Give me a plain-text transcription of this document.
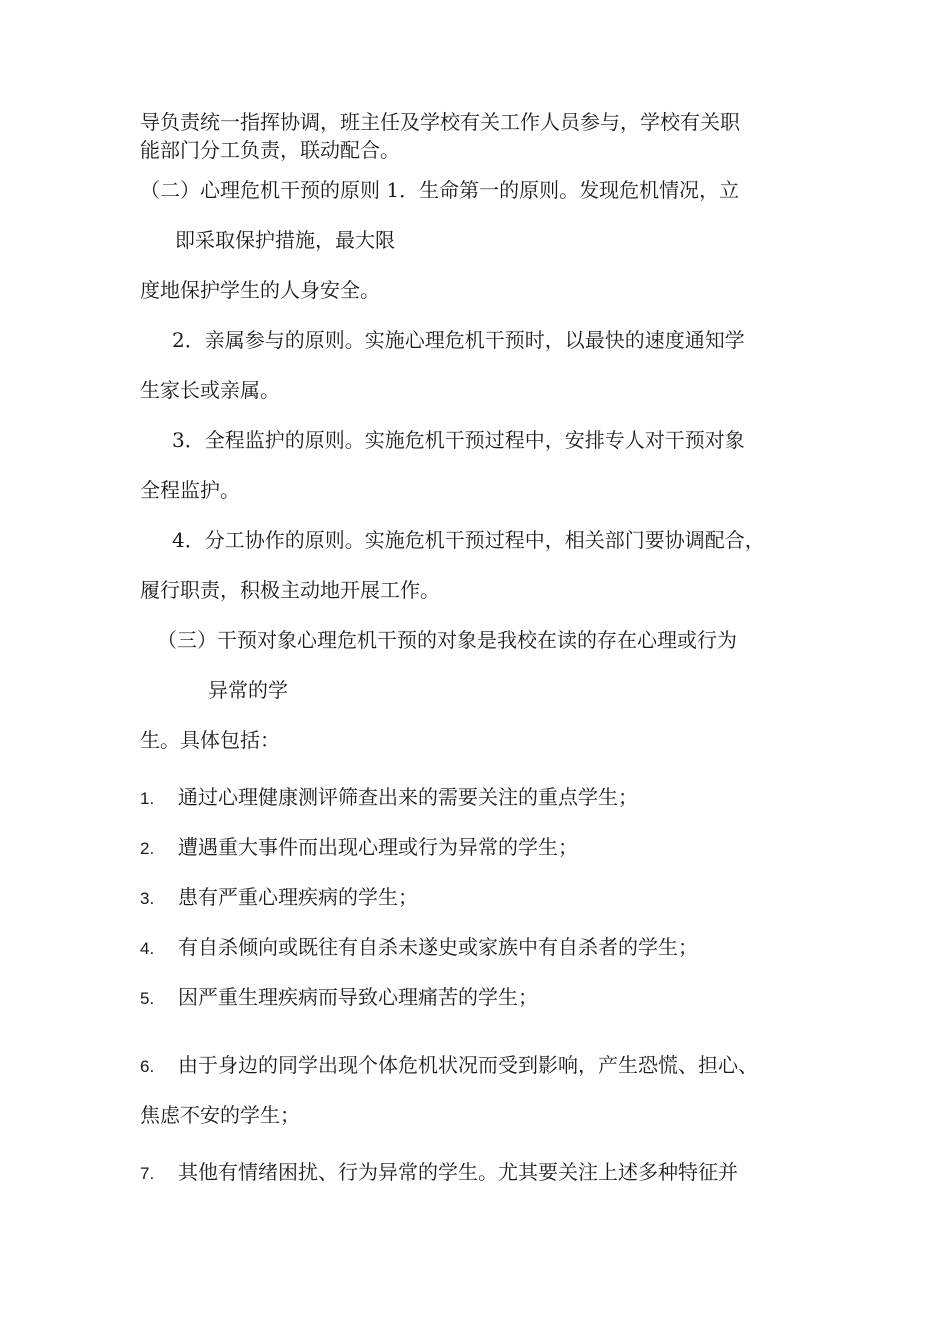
导负责统一指挥协调，班主任及学校有关工作人员参与，学校有关职
能部门分工负责，联动配合。
（二）心理危机干预的原则 1．生命第一的原则。发现危机情况，立
即采取保护措施，最大限
度地保护学生的人身安全。
2．亲属参与的原则。实施心理危机干预时，以最快的速度通知学
生家长或亲属。
3．全程监护的原则。实施危机干预过程中，安排专人对干预对象
全程监护。
4．分工协作的原则。实施危机干预过程中，相关部门要协调配合，
履行职责，积极主动地开展工作。
（三）干预对象心理危机干预的对象是我校在读的存在心理或行为
异常的学
生。具体包括：
1. 通过心理健康测评筛查出来的需要关注的重点学生；
2. 遭遇重大事件而出现心理或行为异常的学生；
3. 患有严重心理疾病的学生；
4. 有自杀倾向或既往有自杀未遂史或家族中有自杀者的学生；
5. 因严重生理疾病而导致心理痛苦的学生；
6. 由于身边的同学出现个体危机状况而受到影响，产生恐慌、担心、
焦虑不安的学生；
7. 其他有情绪困扰、行为异常的学生。尤其要关注上述多种特征并
